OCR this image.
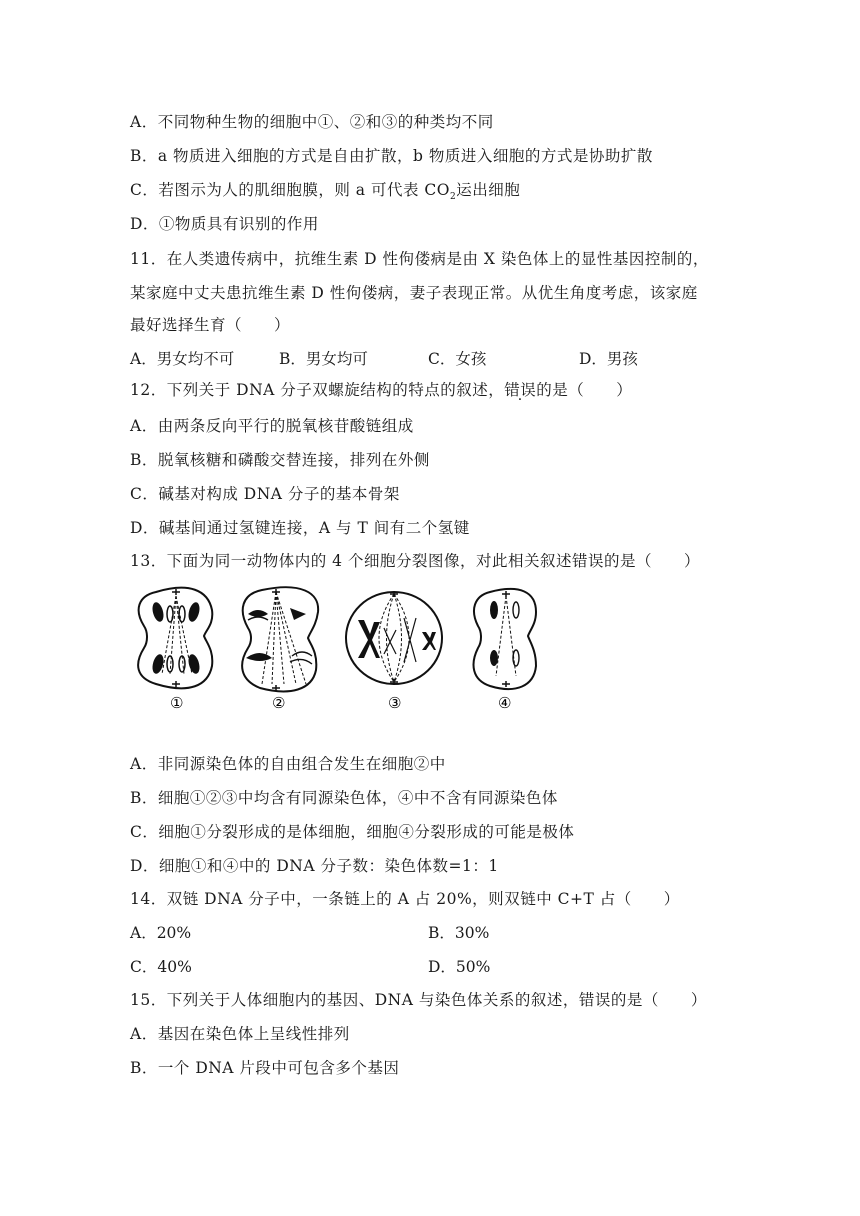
A．不同物种生物的细胞中①、②和③的种类均不同
B．a 物质进入细胞的方式是自由扩散，b 物质进入细胞的方式是协助扩散
C．若图示为人的肌细胞膜，则 a 可代表 $CO_2$运出细胞
D．①物质具有识别的作用
11．在人类遗传病中，抗维生素 D 性佝偻病是由 X 染色体上的显性基因控制的，
某家庭中丈夫患抗维生素 D 性佝偻病，妻子表现正常。从优生角度考虑，该家庭
最好选择生育（　　）
A．男女均不可	B．男女均可	C．女孩	D．男孩
12．下列关于 DNA 分子双螺旋结构的特点的叙述，错误的是（　　）
A．由两条反向平行的脱氧核苷酸链组成
B．脱氧核糖和磷酸交替连接，排列在外侧
C．碱基对构成 DNA 分子的基本骨架
D．碱基间通过氢键连接，A 与 T 间有二个氢键
13．下面为同一动物体内的 4 个细胞分裂图像，对此相关叙述错误的是（　　）
①	②	③	④
A．非同源染色体的自由组合发生在细胞②中
B．细胞①②③中均含有同源染色体，④中不含有同源染色体
C．细胞①分裂形成的是体细胞，细胞④分裂形成的可能是极体
D．细胞①和④中的 DNA 分子数：染色体数=1：1
14．双链 DNA 分子中，一条链上的 A 占 20%，则双链中 C+T 占（　　）
A．20%	B．30%
C．40%	D．50%
15．下列关于人体细胞内的基因、DNA 与染色体关系的叙述，错误的是（　　）
A．基因在染色体上呈线性排列
B．一个 DNA 片段中可包含多个基因
